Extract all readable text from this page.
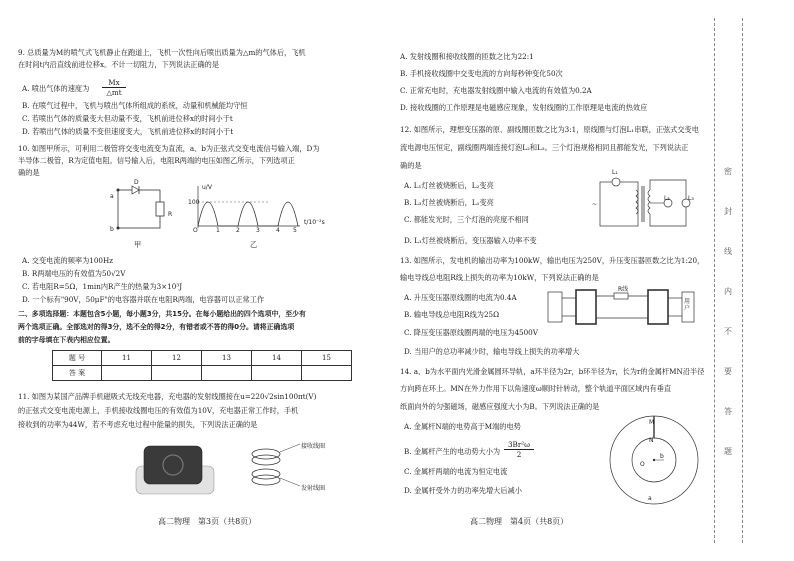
9. 总质量为M的喷气式飞机静止在跑道上，飞机一次性向后喷出质量为△m的气体后，飞机
在时间t内沿直线前进位移x。不计一切阻力，下列说法正确的是
A. 喷出气体的速度为
Mx
△mt
B. 在喷气过程中，飞机与喷出气体所组成的系统，动量和机械能均守恒
C. 若喷出气体的质量变大但动量不变，飞机前进位移x的时间小于t
D. 若喷出气体的质量不变但速度变大，飞机前进位移x的时间小于t
10. 如图甲所示，可利用二极管将交变电流变为直流，a、b为正弦式交变电流信号输入端，D为
半导体二极管，R为定值电阻。信号输入后，电阻R两端的电压如图乙所示，下列选项正
确的是
D
R
a
b
甲
u/V
100
O	1	2	3	4 5
t/10⁻²s
乙
A. 交变电流的频率为100Hz
B. R两端电压的有效值为50√2V
C. 若电阻R=5Ω，1min内R产生的热量为3×10³J
D. 一个标有"90V，50μF"的电容器并联在电阻R两端，电容器可以正常工作
二、多项选择题：本题包含5小题，每小题3分，共15分。在每小题给出的四个选项中，至少有
两个选项正确。全部选对的得3分，选不全的得2分，有错者或不答的得0分。请将正确选项
前的字母填在下表内相应位置。
题 号	11	12	13	14	15
答 案					
11. 如图为某国产品牌手机磁吸式无线充电器，充电器的发射线圈接在u=220√2sin100πt(V)
的正弦式交变电流电源上，手机接收线圈电压的有效值为10V，充电器正常工作时，手机
接收到的功率为44W，若不考虑充电过程中能量的损失，下列说法正确的是
接收线圈
发射线圈
高二物理　第3页（共8页）
A. 发射线圈和接收线圈的匝数之比为22:1
B. 手机接收线圈中交变电流的方向每秒钟变化50次
C. 正常充电时，充电器发射线圈中输入电流的有效值为0.2A
D. 接收线圈的工作原理是电磁感应现象，发射线圈的工作原理是电流的热效应
12. 如图所示，理想变压器的原、副线圈匝数之比为3:1，原线圈与灯泡L₁串联，正弦式交变电
流电源电压恒定，副线圈两端连接灯泡L₂和L₃。三个灯泡规格相同且都能发光，下列说法正
确的是
A. L₁灯丝被烧断后，L₂变亮
B. L₃灯丝被烧断后，L₁变亮
C. 都能发光时，三个灯泡的亮度不相同
D. L₁灯丝被烧断后，变压器输入功率不变
L₁
L₂	L₃
~
13. 如图所示，发电机的输出功率为100kW，输出电压为250V，升压变压器匝数之比为1:20，
输电导线总电阻R线上损失的功率为10kW，下列说法正确的是
A. 升压变压器原线圈的电流为0.4A
B. 输电导线总电阻R线为25Ω
C. 降压变压器原线圈两端的电压为4500V
D. 当用户的总功率减少时，输电导线上损失的功率增大
R线
用户
14. a、b为水平面内光滑金属圆环导轨，a环半径为2r，b环半径为r，长为r的金属杆MN沿半径
方向跨在环上。MN在外力作用下以角速度ω顺时针转动，整个轨道平面区域内有垂直
纸面向外的匀强磁场，磁感应强度大小为B。下列说法正确的是
A. 金属杆N端的电势高于M端的电势
B. 金属杆产生的电动势大小为
3Br²ω
2
C. 金属杆两端的电流为恒定电流
D. 金属杆受外力的功率先增大后减小
M
N
O
b
a
高二物理　第4页（共8页）
密
封
线
内
不
要
答
题
